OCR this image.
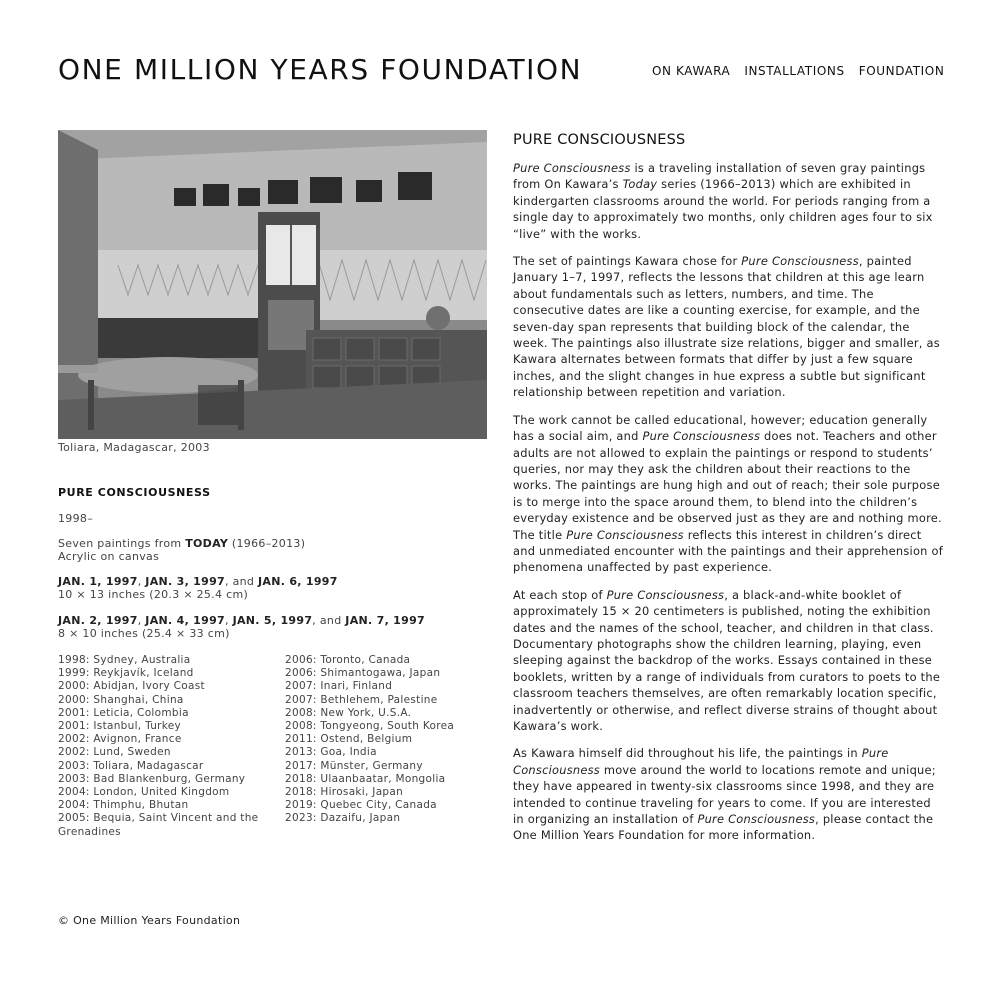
ONE MILLION YEARS FOUNDATION	ON KAWARA INSTALLATIONS FOUNDATION
Toliara, Madagascar, 2003
PURE CONSCIOUSNESS
1998–
Seven paintings from TODAY (1966–2013)
Acrylic on canvas
JAN. 1, 1997, JAN. 3, 1997, and JAN. 6, 1997
10 × 13 inches (20.3 × 25.4 cm)
JAN. 2, 1997, JAN. 4, 1997, JAN. 5, 1997, and JAN. 7, 1997
8 × 10 inches (25.4 × 33 cm)
1998: Sydney, Australia
1999: Reykjavík, Iceland
2000: Abidjan, Ivory Coast
2000: Shanghai, China
2001: Leticia, Colombia
2001: Istanbul, Turkey
2002: Avignon, France
2002: Lund, Sweden
2003: Toliara, Madagascar
2003: Bad Blankenburg, Germany
2004: London, United Kingdom
2004: Thimphu, Bhutan
2005: Bequia, Saint Vincent and the Grenadines
2006: Toronto, Canada
2006: Shimantogawa, Japan
2007: Inari, Finland
2007: Bethlehem, Palestine
2008: New York, U.S.A.
2008: Tongyeong, South Korea
2011: Ostend, Belgium
2013: Goa, India
2017: Münster, Germany
2018: Ulaanbaatar, Mongolia
2018: Hirosaki, Japan
2019: Quebec City, Canada
2023: Dazaifu, Japan
PURE CONSCIOUSNESS

Pure Consciousness is a traveling installation of seven gray paintings from On Kawara’s Today series (1966–2013) which are exhibited in kindergarten classrooms around the world. For periods ranging from a single day to approximately two months, only children ages four to six “live” with the works.

The set of paintings Kawara chose for Pure Consciousness, painted January 1–7, 1997, reflects the lessons that children at this age learn about fundamentals such as letters, numbers, and time. The consecutive dates are like a counting exercise, for example, and the seven-day span represents that building block of the calendar, the week. The paintings also illustrate size relations, bigger and smaller, as Kawara alternates between formats that differ by just a few square inches, and the slight changes in hue express a subtle but significant relationship between repetition and variation.

The work cannot be called educational, however; education generally has a social aim, and Pure Consciousness does not. Teachers and other adults are not allowed to explain the paintings or respond to students’ queries, nor may they ask the children about their reactions to the works. The paintings are hung high and out of reach; their sole purpose is to merge into the space around them, to blend into the children’s everyday existence and be observed just as they are and nothing more. The title Pure Consciousness reflects this interest in children’s direct and unmediated encounter with the paintings and their apprehension of phenomena unaffected by past experience.

At each stop of Pure Consciousness, a black-and-white booklet of approximately 15 × 20 centimeters is published, noting the exhibition dates and the names of the school, teacher, and children in that class. Documentary photographs show the children learning, playing, even sleeping against the backdrop of the works. Essays contained in these booklets, written by a range of individuals from curators to poets to the classroom teachers themselves, are often remarkably location specific, inadvertently or otherwise, and reflect diverse strains of thought about Kawara’s work.

As Kawara himself did throughout his life, the paintings in Pure Consciousness move around the world to locations remote and unique; they have appeared in twenty-six classrooms since 1998, and they are intended to continue traveling for years to come. If you are interested in organizing an installation of Pure Consciousness, please contact the One Million Years Foundation for more information.

© One Million Years Foundation
